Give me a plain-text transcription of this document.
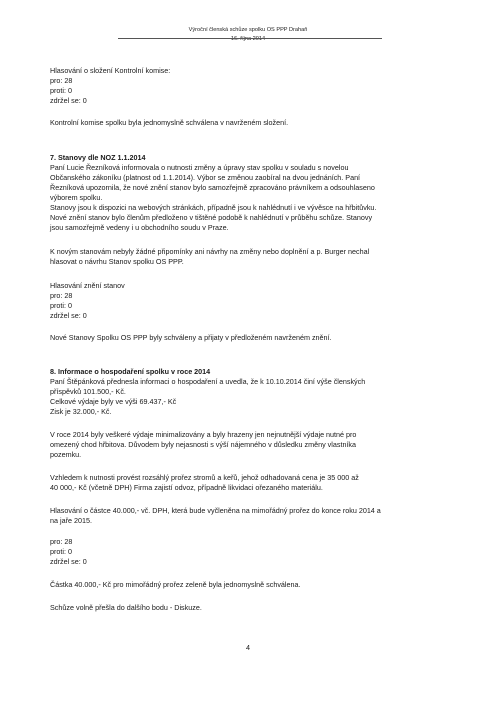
Výroční členská schůze spolku OS PPP Drahaň
16. října 2014
Hlasování o složení Kontrolní komise:
pro: 28
proti: 0
zdržel se: 0
Kontrolní komise spolku byla jednomyslně schválena v navrženém složení.
7. Stanovy dle NOZ 1.1.2014
Paní Lucie Řezníková informovala o nutnosti změny a úpravy stav spolku v souladu s novelou
Občanského zákoníku (platnost od 1.1.2014). Výbor se změnou zaobíral na dvou jednáních. Paní
Řezníková upozornila, že nové znění stanov bylo samozřejmě zpracováno právníkem a odsouhlaseno
výborem spolku.
Stanovy jsou k dispozici na webových stránkách, případně jsou k nahlédnutí i ve vývěsce na hřbitůvku.
Nové znění stanov bylo členům předloženo v tištěné podobě k nahlédnutí v průběhu schůze. Stanovy
jsou samozřejmě vedeny i u obchodního soudu v Praze.
K novým stanovám nebyly žádné připomínky ani návrhy na změny nebo doplnění a p. Burger nechal
hlasovat o návrhu Stanov spolku OS PPP.
Hlasování znění stanov
pro: 28
proti: 0
zdržel se: 0
Nové Stanovy Spolku OS PPP byly schváleny a přijaty v předloženém navrženém znění.
8. Informace o hospodaření spolku v roce 2014
Paní Štěpánková přednesla informaci o hospodaření a uvedla, že k 10.10.2014 činí výše členských
příspěvků 101.500,- Kč.
Celkové výdaje byly ve výši 69.437,- Kč
Zisk je 32.000,- Kč.
V roce 2014 byly veškeré výdaje minimalizovány a byly hrazeny jen nejnutnější výdaje nutné pro
omezený chod hřbitova. Důvodem byly nejasnosti s výší nájemného v důsledku změny vlastníka
pozemku.
Vzhledem k nutnosti provést rozsáhlý prořez stromů a keřů, jehož odhadovaná cena je 35 000 až
40 000,- Kč (včetně DPH) Firma zajistí odvoz, případně likvidaci ořezaného materiálu.
Hlasování o částce 40.000,- vč. DPH, která bude vyčleněna na mimořádný prořez do konce roku 2014 a
na jaře 2015.
pro: 28
proti: 0
zdržel se: 0
Částka 40.000,- Kč pro mimořádný prořez zeleně byla jednomyslně schválena.
Schůze volně přešla do dalšího bodu - Diskuze.
4
